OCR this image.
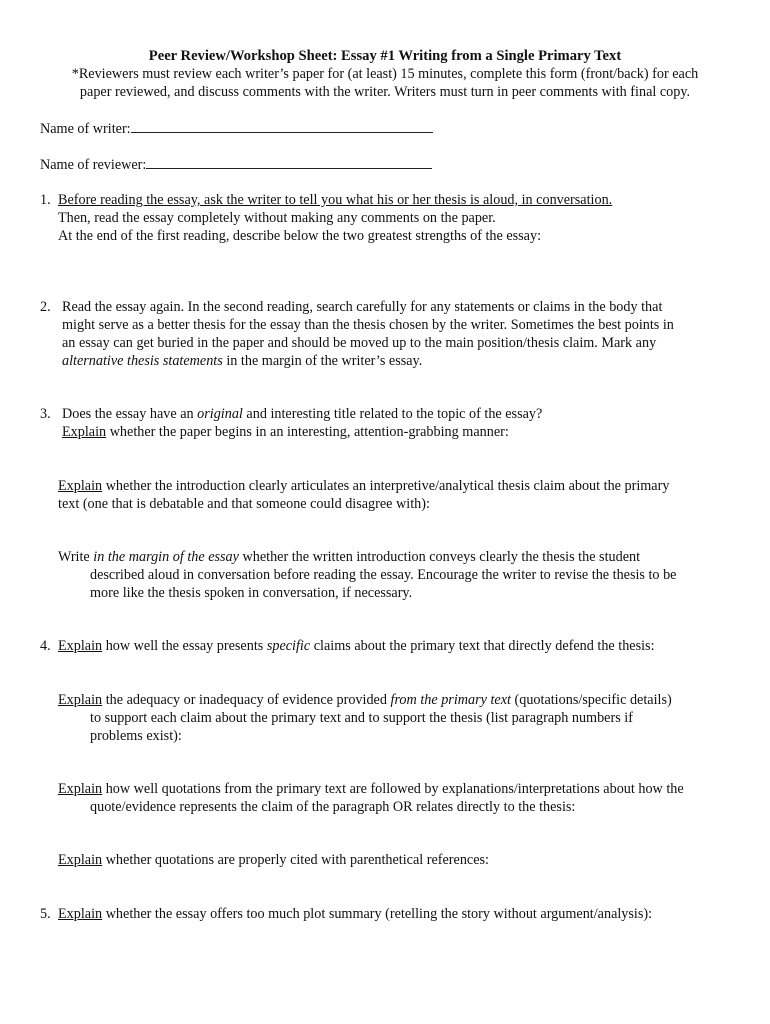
Peer Review/Workshop Sheet: Essay #1 Writing from a Single Primary Text
*Reviewers must review each writer’s paper for (at least) 15 minutes, complete this form (front/back) for each
paper reviewed, and discuss comments with the writer. Writers must turn in peer comments with final copy.
Name of writer:
Name of reviewer:
1. Before reading the essay, ask the writer to tell you what his or her thesis is aloud, in conversation.
Then, read the essay completely without making any comments on the paper.
At the end of the first reading, describe below the two greatest strengths of the essay:
2. Read the essay again. In the second reading, search carefully for any statements or claims in the body that
might serve as a better thesis for the essay than the thesis chosen by the writer. Sometimes the best points in
an essay can get buried in the paper and should be moved up to the main position/thesis claim. Mark any
alternative thesis statements in the margin of the writer’s essay.
3. Does the essay have an original and interesting title related to the topic of the essay?
Explain whether the paper begins in an interesting, attention-grabbing manner:
Explain whether the introduction clearly articulates an interpretive/analytical thesis claim about the primary
text (one that is debatable and that someone could disagree with):
Write in the margin of the essay whether the written introduction conveys clearly the thesis the student
described aloud in conversation before reading the essay. Encourage the writer to revise the thesis to be
more like the thesis spoken in conversation, if necessary.
4. Explain how well the essay presents specific claims about the primary text that directly defend the thesis:
Explain the adequacy or inadequacy of evidence provided from the primary text (quotations/specific details)
to support each claim about the primary text and to support the thesis (list paragraph numbers if
problems exist):
Explain how well quotations from the primary text are followed by explanations/interpretations about how the
quote/evidence represents the claim of the paragraph OR relates directly to the thesis:
Explain whether quotations are properly cited with parenthetical references:
5. Explain whether the essay offers too much plot summary (retelling the story without argument/analysis):
